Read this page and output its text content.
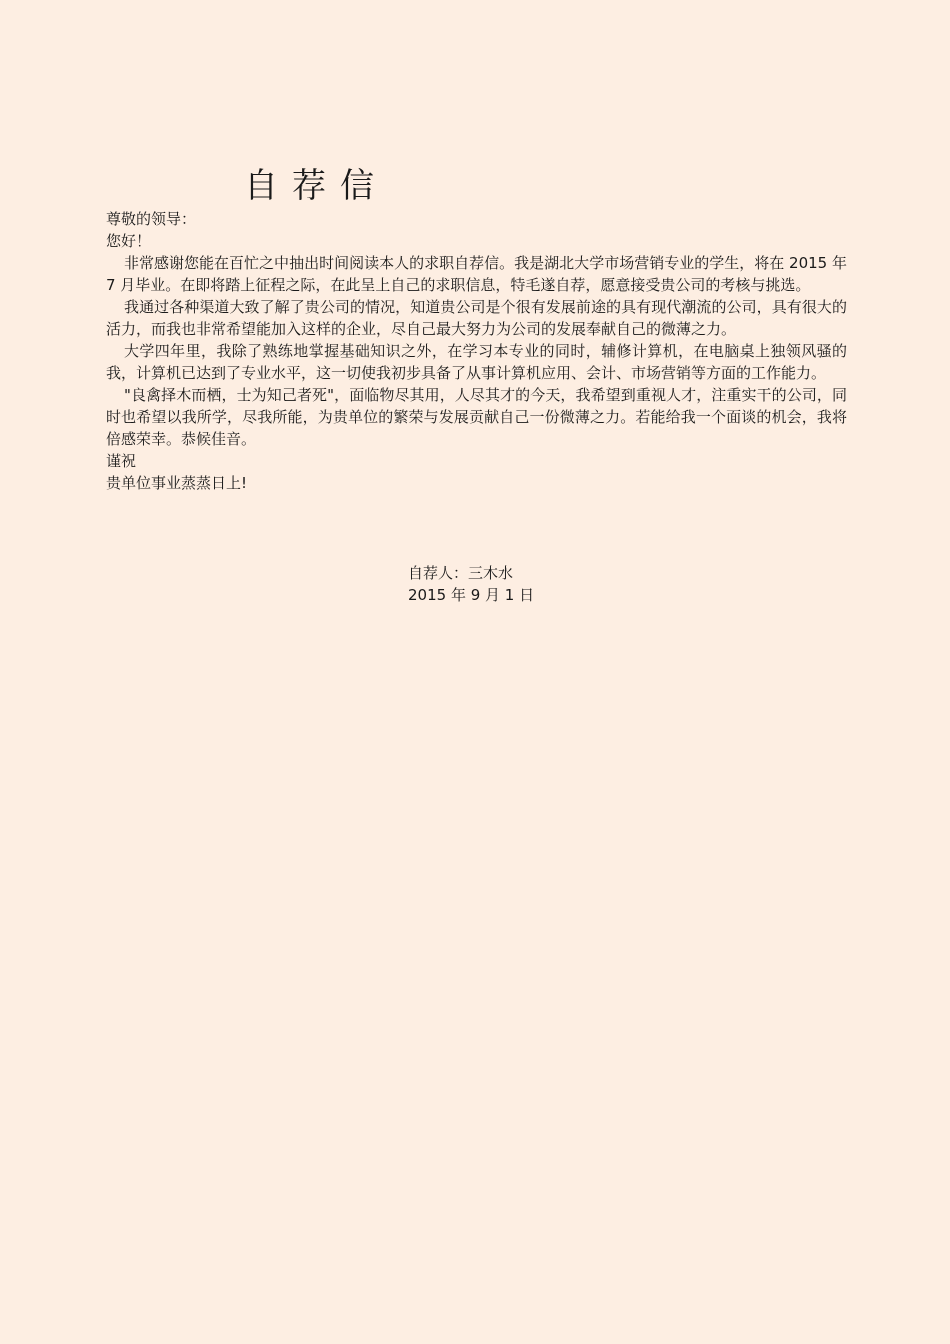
自荐信

尊敬的领导：

您好！

非常感谢您能在百忙之中抽出时间阅读本人的求职自荐信。我是湖北大学市场营销专业的学生，将在 2015 年 7 月毕业。在即将踏上征程之际，在此呈上自己的求职信息，特毛遂自荐，愿意接受贵公司的考核与挑选。

我通过各种渠道大致了解了贵公司的情况，知道贵公司是个很有发展前途的具有现代潮流的公司，具有很大的活力，而我也非常希望能加入这样的企业，尽自己最大努力为公司的发展奉献自己的微薄之力。

大学四年里，我除了熟练地掌握基础知识之外，在学习本专业的同时，辅修计算机，在电脑桌上独领风骚的我，计算机已达到了专业水平，这一切使我初步具备了从事计算机应用、会计、市场营销等方面的工作能力。

"良禽择木而栖，士为知己者死"，面临物尽其用，人尽其才的今天，我希望到重视人才，注重实干的公司，同时也希望以我所学，尽我所能，为贵单位的繁荣与发展贡献自己一份微薄之力。若能给我一个面谈的机会，我将倍感荣幸。恭候佳音。

谨祝

贵单位事业蒸蒸日上!

自荐人：三木水
2015 年 9 月 1 日
